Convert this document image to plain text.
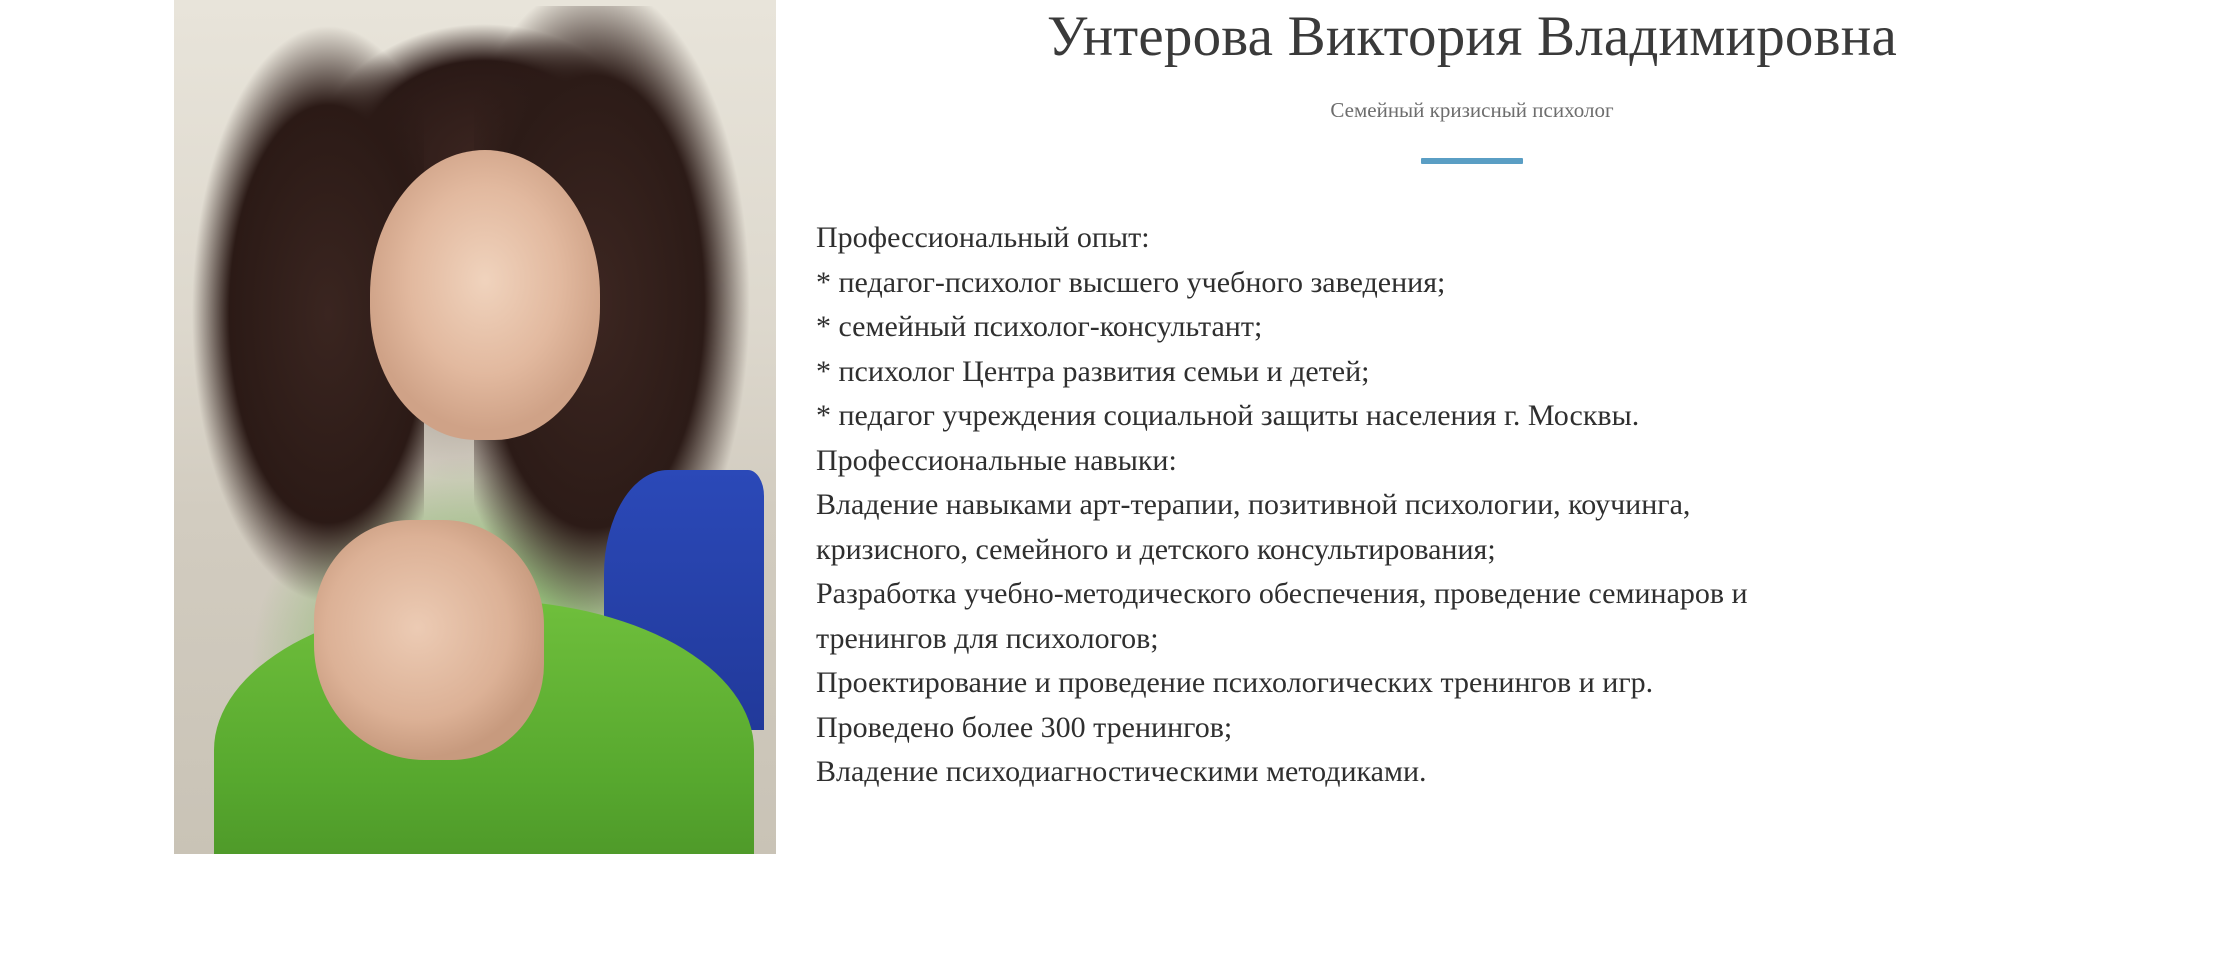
Унтерова Виктория Владимировна
Семейный кризисный психолог

Профессиональный опыт:

* педагог-психолог высшего учебного заведения;

* семейный психолог-консультант;

* психолог Центра развития семьи и детей;

* педагог учреждения социальной защиты населения г. Москвы.

Профессиональные навыки:

Владение навыками арт-терапии, позитивной психологии, коучинга,

кризисного, семейного и детского консультирования;

Разработка учебно-методического обеспечения, проведение семинаров и

тренингов для психологов;

Проектирование и проведение психологических тренингов и игр.

Проведено более 300 тренингов;

Владение психодиагностическими методиками.
